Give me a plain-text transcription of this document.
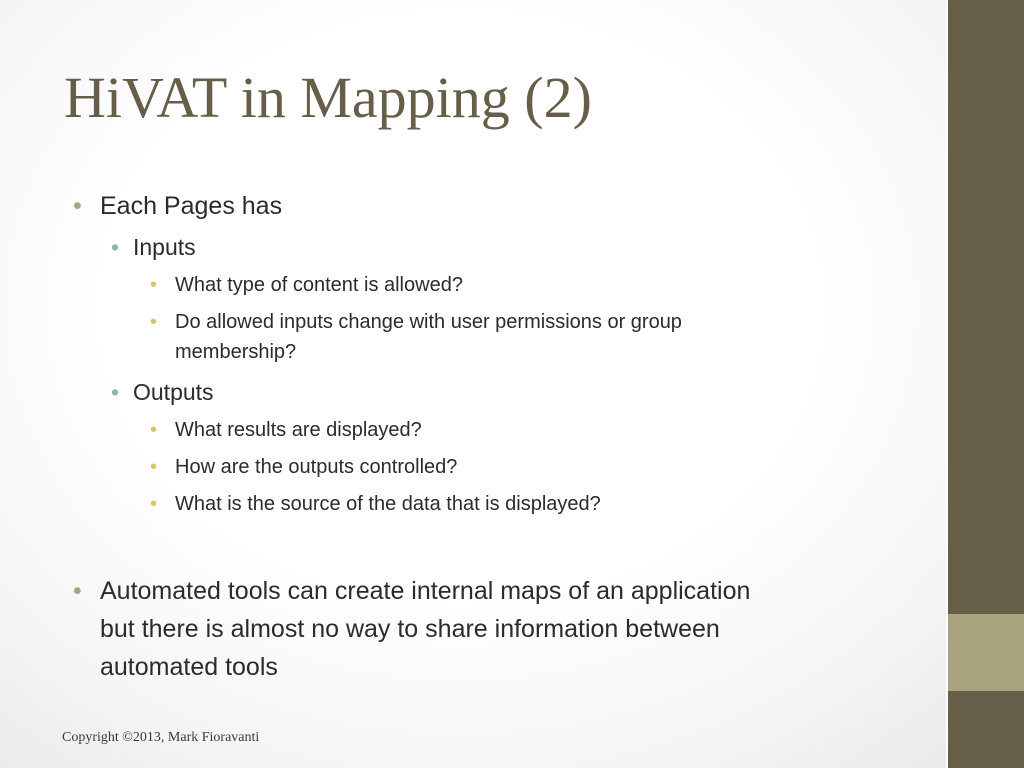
HiVAT in Mapping (2)
• Each Pages has
• Inputs
• What type of content is allowed?
• Do allowed inputs change with user permissions or group
membership?
• Outputs
• What results are displayed?
• How are the outputs controlled?
• What is the source of the data that is displayed?
• Automated tools can create internal maps of an application
but there is almost no way to share information between
automated tools
Copyright ©2013, Mark Fioravanti
